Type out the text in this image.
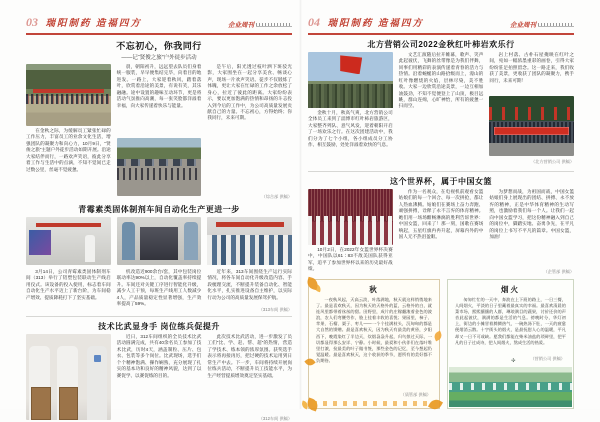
03 瑞阳制药 造福四方	企业周刊
不忘初心，你我同行
——记“贤俊之旅”户外徒步活动

在金秋之际，为缓解员工紧张忙碌的工作压力，丰富员工的业余文化生活，增强团队的凝聚力和向心力，10月9日，“贤俊之旅”主题户外徒步活动如期开展。沿途大家结伴而行，一路欢声笑语，彼此分享着工作与生活中的点滴，不知不觉间已走过数公里，丝毫不觉疲惫。

晨，朝阳初升，远远望去队员们身着统一服装，早早便集结完毕，向着目的地进发。一路上，大家迎着秋风，踏着落叶，欣赏着沿途的美景，有说有笑，其乐融融。途中设置的趣味互动环节，更是将活动气氛推向高潮，每一张笑脸都洋溢着幸福，向大家传递着快乐与能量。

是午后，阳光透过枝叶洒下斑驳光影，大家围坐在一起分享美食、畅谈心声，现场一片欢声笑语。徒步不仅锻炼了体魄，更让大家在忙碌的工作之余放松了身心，拉近了彼此的距离。大家纷纷表示，要以更加饱满的热情和昂扬的斗志投入到今后的工作中，为公司高质量发展贡献自己的力量。不忘初心，方得始终；你我同行，未来可期。

（综合部 供稿）
青霉素类固体制剂车间自动化生产更进一步

3月14日，公司青霉素类固体制剂车间（313）举行了铝塑包装联动生产线启用仪式。该设备的投入使用，标志着车间自动化生产水平迈上了新台阶，为车间稳产增效、提质降耗打下了坚实基础。

机改造近900余台/套，其中包装岗位联动率达90%以上，自动化覆盖率持续提升。车间还对关键工序进行智能化升级，减少人工干预，每班生产线用工人数减少4人，产品质量稳定性显著增强，生产效率提高了59%。

近年来，313车间围绕生产运行实际情况，将各车间自动化升级改造内容、手段梳理交流，不断提升装备自动化、智能化水平，扎实推进设备自主维护，以实际行动为公司的高质量发展保驾护航。

（313车间 供稿）
技术比武显身手 岗位练兵促提升

近日，312车间组织的全员技术比武活动圆满完成，共有40余名员工参加了技术比武，历时4天，涵盖制粒、压片、包衣、包装等多个岗位。比武现场，选手们个个精神饱满、操作娴熟，充分展现了扎实的基本功和良好的精神风貌，达到了以赛促学、以赛促练的目的。

此次技术比武活动，进一步激发了员工们“比、学、赶、帮、超”的热情，营造了学技术、练本领的浓厚氛围。获奖选手表示将再接再厉，把过硬的技术运用到日常生产中去。下一步，车间将持续开展岗位练兵活动，不断提升员工技能水平，为生产经营提质增效奠定坚实基础。

（312车间 供稿）
04 瑞阳制药 造福四方	企业周刊
北方营销公司2022金秋红叶柿岩欢乐行

金秋十月，秋高气爽，北方营销公司全体员工来到了淄博市红叶柿岩旅游区，大家整齐列队、意气风发，迎着朝阳开启了一场欢乐之行。在这次团建活动中，我们分为了七个小组，各小组成员分工协作、相互鼓励，处处洋溢着欢快的气息。

文艺汇演随后拉开帷幕，歌声、笑声此起彼伏，飞舞的丝带像是为我们伴舞，同事们用精彩的表演传递着青春的活力与热情。沿着蜿蜒的山路拾级而上，漫山的红叶像燃烧的火焰，层林尽染，美不胜收。大家一边欣赏沿途美景，一边互相加油鼓劲，不知不觉便登上了山顶，极目远眺，群山连绵，心旷神怡，所有的疲惫一扫而空。

岩上村落、古朴石屋掩映在红叶之间，宛如一幅浓墨重彩的画卷，引得大家纷纷驻足拍照留念。这一路走来，我们收获了美景，更收获了团队的凝聚力，携手同行，未来可期！

（北方营销公司 供稿）
这个世界杯，属于中国女篮

10月2日，在2022年女篮世界杯决赛中，中国队以61∶83不敌美国队获得亚军，追平了参加世界杯以来的历史最好战绩。

作为一名观众，在电视机前观看女篮姑娘们的每一个回合、每一次拼抢，都让人热血沸腾。姑娘们在赛场上奋力奔跑、顽强拼搏，诠释了永不言弃的体育精神。她们用一场场酣畅淋漓的胜利告诉世界：中国女篮，回来了！那一刻，国歌在赛场响起，五星红旗冉冉升起，屏幕内外的中国人无不热泪盈眶。

为梦想而战，为祖国而战，中国女篮姑娘们身上展现出的团结、拼搏、永不放弃的精神，正是中华体育精神的生动写照，也激励着我们每一个人。让我们一起向中国女篮学习，把这份精神融入到自己的岗位中，脚踏实地、奋勇争先，在平凡的岗位上书写不平凡的篇章。中国女篮，加油！

（企管部 供稿）
秋

一夜秋风起，天高云淡，叶落满地，秋天就这样悄悄地来了。最是喜欢秋天，因为秋天的天格外的蓝，云格外的白，就连风里都带着丝丝的甜。田野里，成片的庄稼翻滚着金色的波浪，农人们弯腰劳作，脸上挂着丰收的喜悦；果园里，柿子、苹果、石榴、栗子、枣儿——一个个挂满枝头，沉甸甸的都是大自然的馈赠。最是喜欢秋天，因为秋天有最美的黄昏，夕阳西下，晚霞染红了半边天，炊烟袅袅升起，归鸟掠过天际，一切都显得那么安详、宁静。小时候，最爱和小伙伴们在落叶堆里打滚，捡最美的叶子做书签，那些金色的记忆，至今想起仍觉温暖。最是喜欢秋天，这个收获的季节，愿所有的美好都不负期待。

（质管部 供稿）
烟火

匆匆忙忙的一天中，奔波在上下班的路上，一日三餐，人间烟火，平淡的日子里藏着最真实的幸福。最喜欢清晨的菜市场，熙熙攘攘的人群，琳琅满目的蔬果，讨价还价的声音此起彼伏，满满的都是生活的气息。傍晚时分，华灯初上，街边的小摊冒着腾腾热气，一碗热汤下肚，一天的疲惫便烟消云散。十字街头的烟火，是最抚慰人心的温暖，平凡却又一日不可或缺。愿我们都能在柴米油盐的琐碎里，把平凡的日子过成诗，把人间烟火，熬成生活的热爱。

✣	（营销公司 供稿）
